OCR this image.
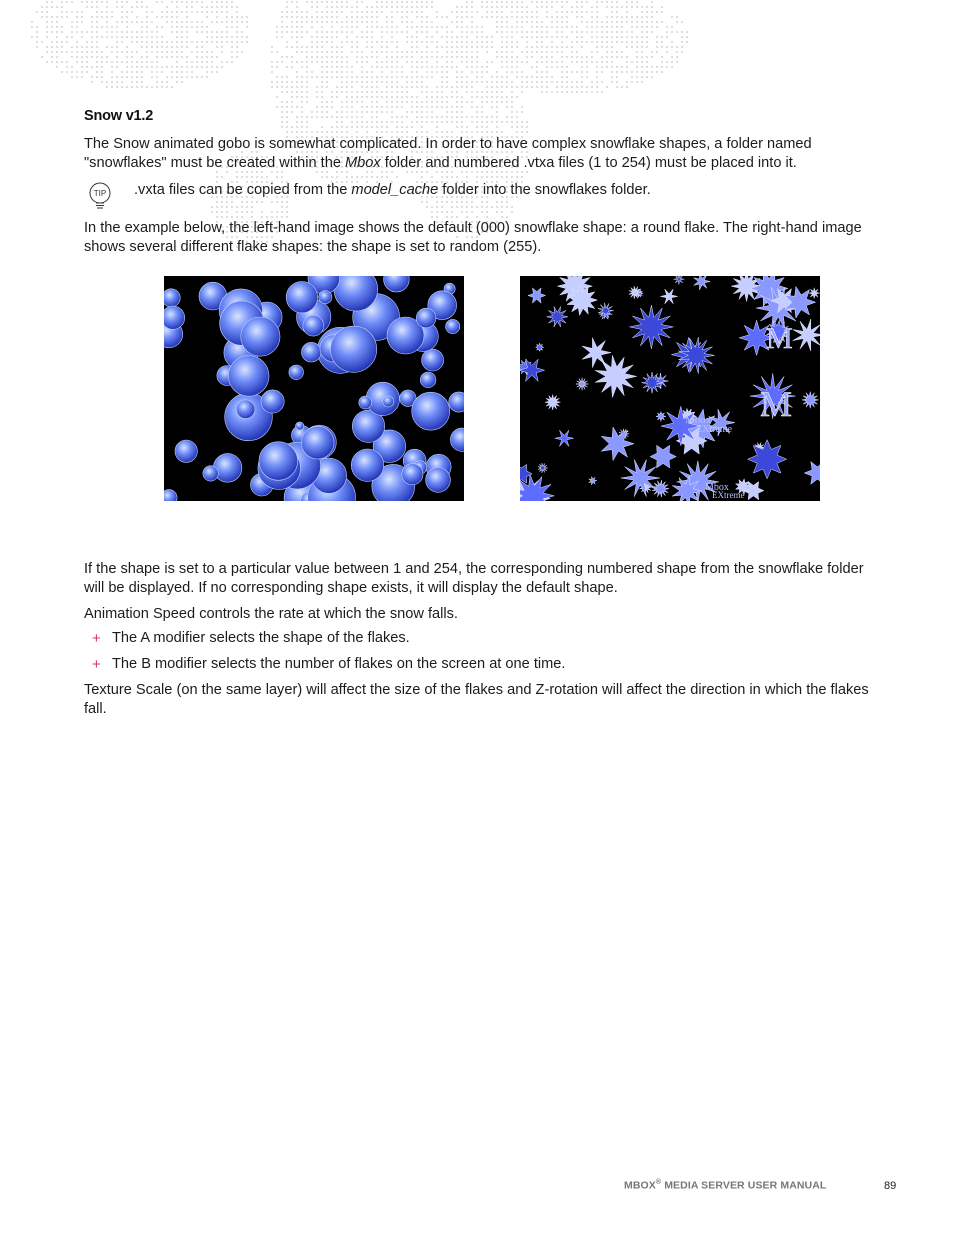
Snow v1.2

The Snow animated gobo is somewhat complicated. In order to have complex snowflake shapes, a folder named "snowflakes" must be created within the Mbox folder and numbered .vtxa files (1 to 254) must be placed into it.

TIP .vxta files can be copied from the model_cache folder into the snowflakes folder.

In the example below, the left-hand image shows the default (000) snowflake shape: a round flake. The right-hand image shows several different flake shapes: the shape is set to random (255).

If the shape is set to a particular value between 1 and 254, the corresponding numbered shape from the snowflake folder will be displayed. If no corresponding shape exists, it will display the default shape.

Animation Speed controls the rate at which the snow falls.

+ The A modifier selects the shape of the flakes.
+ The B modifier selects the number of flakes on the screen at one time.

Texture Scale (on the same layer) will affect the size of the flakes and Z-rotation will affect the direction in which the flakes fall.

M
M
Mbox
EXtreme
Mbox
EXtreme
MBOX® MEDIA SERVER USER MANUAL	89
